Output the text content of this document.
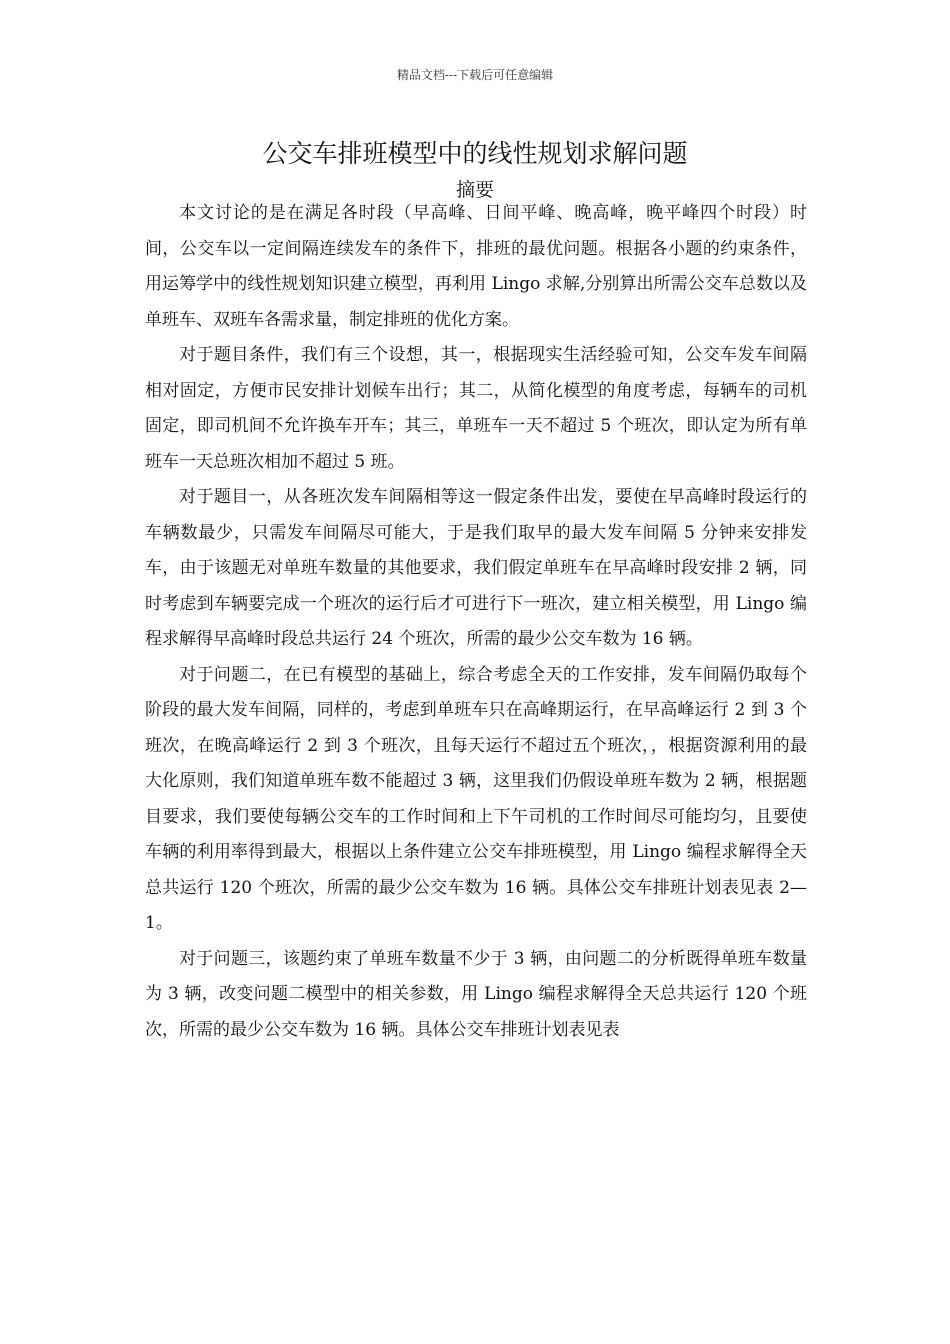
精品文档---下载后可任意编辑
公交车排班模型中的线性规划求解问题
摘要

本文讨论的是在满足各时段（早高峰、日间平峰、晚高峰，晚平峰四个时段）时间，公交车以一定间隔连续发车的条件下，排班的最优问题。根据各小题的约束条件，用运筹学中的线性规划知识建立模型，再利用 Lingo 求解,分别算出所需公交车总数以及单班车、双班车各需求量，制定排班的优化方案。

对于题目条件，我们有三个设想，其一，根据现实生活经验可知，公交车发车间隔相对固定，方便市民安排计划候车出行；其二，从简化模型的角度考虑，每辆车的司机固定，即司机间不允许换车开车；其三，单班车一天不超过 5 个班次，即认定为所有单班车一天总班次相加不超过 5 班。

对于题目一，从各班次发车间隔相等这一假定条件出发，要使在早高峰时段运行的车辆数最少，只需发车间隔尽可能大，于是我们取早的最大发车间隔 5 分钟来安排发车，由于该题无对单班车数量的其他要求，我们假定单班车在早高峰时段安排 2 辆，同时考虑到车辆要完成一个班次的运行后才可进行下一班次，建立相关模型，用 Lingo 编程求解得早高峰时段总共运行 24 个班次，所需的最少公交车数为 16 辆。

对于问题二，在已有模型的基础上，综合考虑全天的工作安排，发车间隔仍取每个阶段的最大发车间隔，同样的，考虑到单班车只在高峰期运行，在早高峰运行 2 到 3 个班次，在晚高峰运行 2 到 3 个班次，且每天运行不超过五个班次，，根据资源利用的最大化原则，我们知道单班车数不能超过 3 辆，这里我们仍假设单班车数为 2 辆，根据题目要求，我们要使每辆公交车的工作时间和上下午司机的工作时间尽可能均匀，且要使车辆的利用率得到最大，根据以上条件建立公交车排班模型，用 Lingo 编程求解得全天总共运行 120 个班次，所需的最少公交车数为 16 辆。具体公交车排班计划表见表 2—1。

对于问题三，该题约束了单班车数量不少于 3 辆，由问题二的分析既得单班车数量为 3 辆，改变问题二模型中的相关参数，用 Lingo 编程求解得全天总共运行 120 个班次，所需的最少公交车数为 16 辆。具体公交车排班计划表见表
